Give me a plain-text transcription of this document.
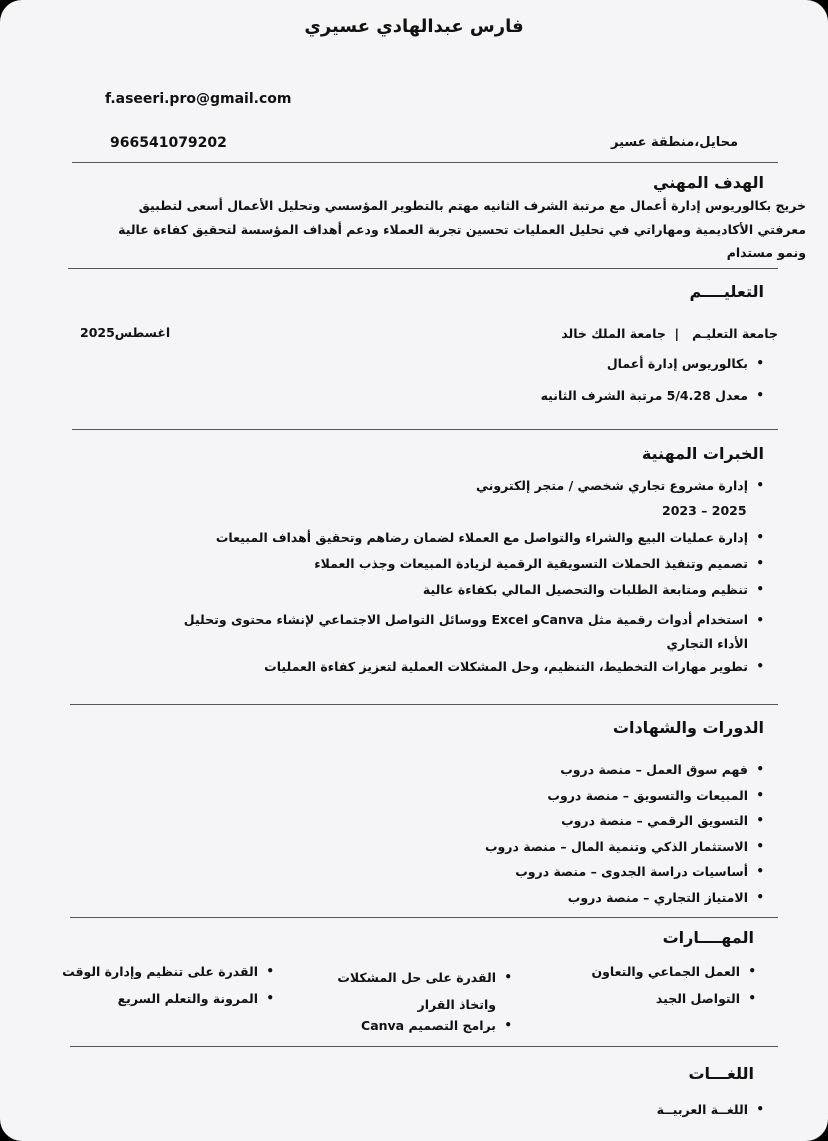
فارس عبدالهادي عسيري
f.aseeri.pro@gmail.com
966541079202	محايل،منطقة عسير
الهدف المهني
خريج بكالوريوس إدارة أعمال مع مرتبة الشرف الثانيه مهتم بالتطوير المؤسسي وتحليل الأعمال أسعى لتطبيق معرفتي الأكاديمية ومهاراتي في تحليل العمليات تحسين تجربة العملاء ودعم أهداف المؤسسة لتحقيق كفاءة عالية ونمو مستدام
التعليــــم
جامعة التعليـم   |  جامعة الملك خالد
اغسطس2025
•
بكالوريوس إدارة أعمال
•
معدل 5/4.28 مرتبة الشرف الثانيه
الخبرات المهنية
•
إدارة مشروع تجاري شخصي / متجر إلكتروني
2023 – 2025
•
إدارة عمليات البيع والشراء والتواصل مع العملاء لضمان رضاهم وتحقيق أهداف المبيعات
•
تصميم وتنفيذ الحملات التسويقية الرقمية لزيادة المبيعات وجذب العملاء
•
تنظيم ومتابعة الطلبات والتحصيل المالي بكفاءة عالية
•
استخدام أدوات رقمية مثل Canvaو Excel ووسائل التواصل الاجتماعي لإنشاء محتوى وتحليل الأداء التجاري
•
تطوير مهارات التخطيط، التنظيم، وحل المشكلات العملية لتعزيز كفاءة العمليات
الدورات والشهادات
•
فهم سوق العمل – منصة دروب
•
المبيعات والتسويق – منصة دروب
•
التسويق الرقمي – منصة دروب
•
الاستثمار الذكي وتنمية المال – منصة دروب
•
أساسيات دراسة الجدوى – منصة دروب
•
الامتياز التجاري – منصة دروب
المهــــارات
•
العمل الجماعي والتعاون
•
التواصل الجيد
•
القدرة على حل المشكلات واتخاذ القرار
•
برامج التصميم Canva
•
القدرة على تنظيم وإدارة الوقت
•
المرونة والتعلم السريع
اللغـــات
•
اللغــة العربيــة
